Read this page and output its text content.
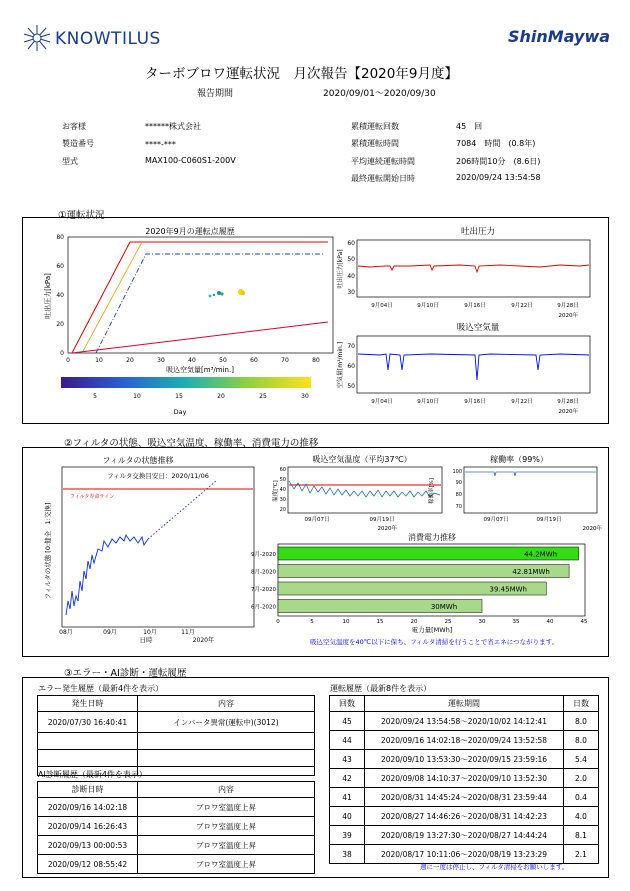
KNOWTILUS	ShinMaywa
ターボブロワ運転状況　月次報告【2020年9月度】
報告期間	2020/09/01～2020/09/30
お客様	******株式会社
製造番号	****-***
型式	MAX100-C060S1-200V
累積運転回数	45　回
累積運転時間	7084　時間　(0.8年)
平均連続運転時間	206時間10分　(8.6日)
最終運転開始日時	2020/09/24 13:54:58
①運転状況
2020年9月の運転点履歴
80
60
40
20
0
0	10	20	30	40	50	60	70	80
吸込空気量[m³/min.]
吐出圧力[kPa]
5	10	15	20	25	30
Day
吐出圧力
吐出圧力[kPa]
60
50
40
30
9月04日	9月10日	9月16日	9月22日	9月28日
2020年
吸込空気量
空気量[m³/min.] 70
60
50
9月04日	9月10日	9月16日	9月22日	9月28日
2020年
②フィルタの状態、吸込空気温度、稼働率、消費電力の推移
フィルタの状態推移
フィルタ交換目安日：2020/11/06
フィルタ寿命ライン
フィルタの状態 [0:健全　1:交換]
08月	09月	10月	11月
日時	2020年
吸込空気温度（平均37℃）
温度[℃]
60
50
40
30
20
09月07日	09月19日
2020年
稼働率（99%）
稼働率[%]
100
90
80
70
09月07日	09月19日
2020年
消費電力推移
9月-2020	44.2MWh
8月-2020	42.81MWh
7月-2020	39.45MWh
6月-2020	30MWh
0	5	10	15	20	25	30	35	40	45
電力量[MWh]
吸込空気温度を40℃以下に保ち、フィルタ清掃を行うことで省エネにつながります。
③エラー・AI診断・運転履歴
エラー発生履歴（最新4件を表示）
発生日時	内容
2020/07/30 16:40:41	インバータ異常(運転中)(3012)

AI診断履歴（最新4件を表示）
診断日時	内容
2020/09/16 14:02:18	ブロワ室温度上昇
2020/09/14 16:26:43	ブロワ室温度上昇
2020/09/13 00:00:53	ブロワ室温度上昇
2020/09/12 08:55:42	ブロワ室温度上昇
運転履歴（最新8件を表示）
回数	運転期間	日数
45	2020/09/24 13:54:58～2020/10/02 14:12:41	8.0
44	2020/09/16 14:02:18～2020/09/24 13:52:58	8.0
43	2020/09/10 13:53:30～2020/09/15 23:59:16	5.4
42	2020/09/08 14:10:37～2020/09/10 13:52:30	2.0
41	2020/08/31 14:45:24～2020/08/31 23:59:44	0.4
40	2020/08/27 14:46:26～2020/08/31 14:42:23	4.0
39	2020/08/19 13:27:30～2020/08/27 14:44:24	8.1
38	2020/08/17 10:11:06～2020/08/19 13:23:29	2.1
週に一度は停止し、フィルタ清掃をお願いします。
